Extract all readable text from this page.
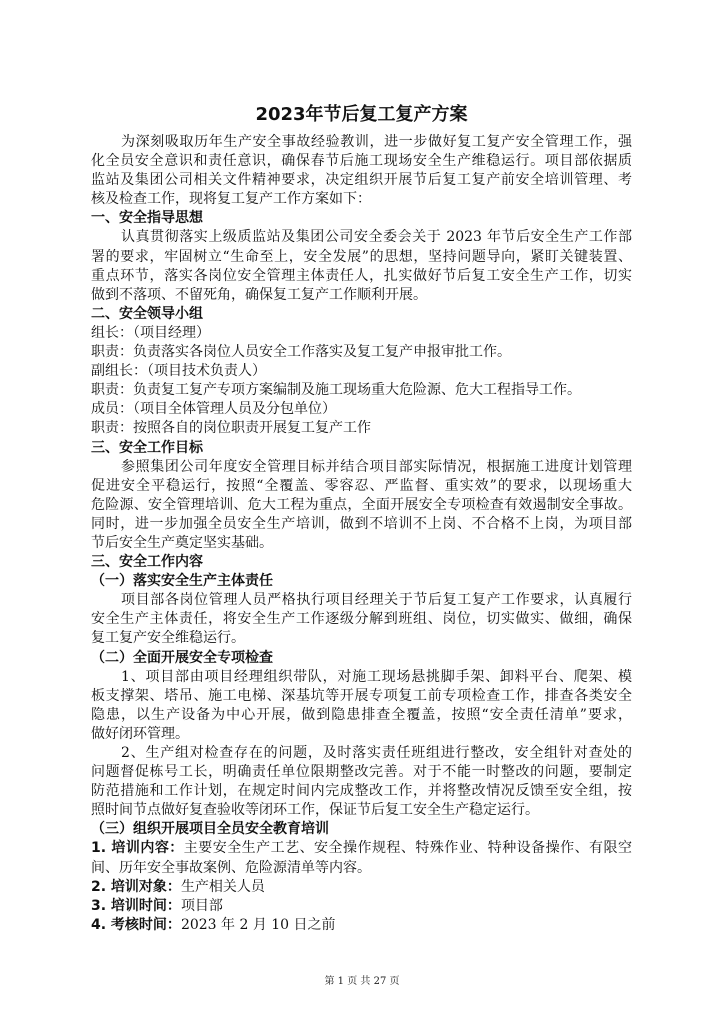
2023年节后复工复产方案
为深刻吸取历年生产安全事故经验教训，进一步做好复工复产安全管理工作，强
化全员安全意识和责任意识，确保春节后施工现场安全生产维稳运行。项目部依据质
监站及集团公司相关文件精神要求，决定组织开展节后复工复产前安全培训管理、考
核及检查工作，现将复工复产工作方案如下：
一、安全指导思想
认真贯彻落实上级质监站及集团公司安全委会关于 2023 年节后安全生产工作部
署的要求，牢固树立“生命至上，安全发展”的思想，坚持问题导向，紧盯关键装置、
重点环节，落实各岗位安全管理主体责任人，扎实做好节后复工安全生产工作，切实
做到不落项、不留死角，确保复工复产工作顺利开展。
二、安全领导小组
组长：（项目经理）
职责：负责落实各岗位人员安全工作落实及复工复产申报审批工作。
副组长：（项目技术负责人）
职责：负责复工复产专项方案编制及施工现场重大危险源、危大工程指导工作。
成员：（项目全体管理人员及分包单位）
职责：按照各自的岗位职责开展复工复产工作
三、安全工作目标
参照集团公司年度安全管理目标并结合项目部实际情况，根据施工进度计划管理
促进安全平稳运行，按照“全覆盖、零容忍、严监督、重实效”的要求，以现场重大
危险源、安全管理培训、危大工程为重点，全面开展安全专项检查有效遏制安全事故。
同时，进一步加强全员安全生产培训，做到不培训不上岗、不合格不上岗，为项目部
节后安全生产奠定坚实基础。
三、安全工作内容
（一）落实安全生产主体责任
项目部各岗位管理人员严格执行项目经理关于节后复工复产工作要求，认真履行
安全生产主体责任，将安全生产工作逐级分解到班组、岗位，切实做实、做细，确保
复工复产安全维稳运行。
（二）全面开展安全专项检查
1、项目部由项目经理组织带队，对施工现场悬挑脚手架、卸料平台、爬架、模
板支撑架、塔吊、施工电梯、深基坑等开展专项复工前专项检查工作，排查各类安全
隐患，以生产设备为中心开展，做到隐患排查全覆盖，按照“安全责任清单”要求，
做好闭环管理。
2、生产组对检查存在的问题，及时落实责任班组进行整改，安全组针对查处的
问题督促栋号工长，明确责任单位限期整改完善。对于不能一时整改的问题，要制定
防范措施和工作计划，在规定时间内完成整改工作，并将整改情况反馈至安全组，按
照时间节点做好复查验收等闭环工作，保证节后复工安全生产稳定运行。
（三）组织开展项目全员安全教育培训
1. 培训内容：主要安全生产工艺、安全操作规程、特殊作业、特种设备操作、有限空
间、历年安全事故案例、危险源清单等内容。
2. 培训对象：生产相关人员
3. 培训时间：项目部
4. 考核时间：2023 年 2 月 10 日之前
第 1 页 共 27 页
